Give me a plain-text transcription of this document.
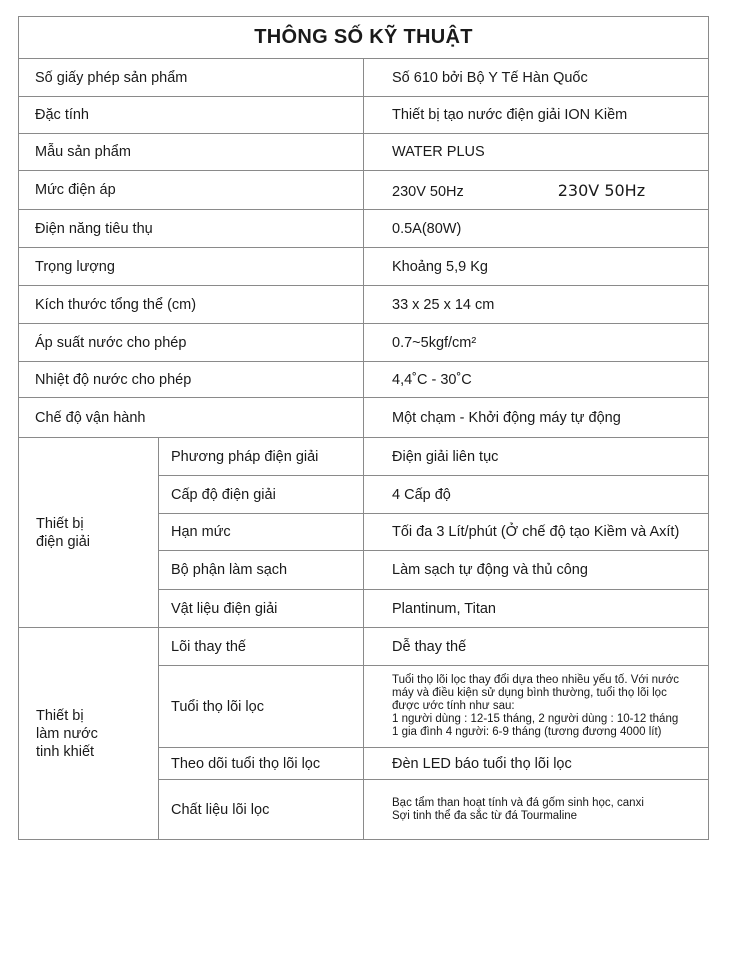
THÔNG SỐ KỸ THUẬT		
Số giấy phép sản phẩm		Số 610 bởi Bộ Y Tế Hàn Quốc
Đặc tính		Thiết bị tạo nước điện giải ION Kiềm
Mẫu sản phẩm		WATER PLUS
Mức điện áp		230V 50Hz 230V 50Hz
Điện năng tiêu thụ		0.5A(80W)
Trọng lượng		Khoảng 5,9 Kg
Kích thước tổng thể (cm)		33 x 25 x 14 cm
Áp suất nước cho phép		0.7~5kgf/cm²
Nhiệt độ nước cho phép		4,4˚C - 30˚C
Chế độ vận hành		Một chạm - Khởi động máy tự động

Thiết bị
điện giải	Phương pháp điện giải	Điện giải liên tục
	Cấp độ điện giải	4 Cấp độ
	Hạn mức	Tối đa 3 Lít/phút (Ở chế độ tạo Kiềm và Axít)
	Bộ phận làm sạch	Làm sạch tự động và thủ công
	Vật liệu điện giải	Plantinum, Titan

Thiết bị
làm nước
tinh khiết	Lõi thay thế	Dễ thay thế
	Tuổi thọ lõi lọc	Tuổi thọ lõi lọc thay đổi dựa theo nhiều yếu tố. Với nước
máy và điều kiện sử dụng bình thường, tuổi thọ lõi lọc
được ước tính như sau:
1 người dùng : 12-15 tháng, 2 người dùng : 10-12 tháng
1 gia đình 4 người: 6-9 tháng (tương đương 4000 lít)

	Theo dõi tuổi thọ lõi lọc	Đèn LED báo tuổi thọ lõi lọc
	Chất liệu lõi lọc	Bạc tẩm than hoạt tính và đá gốm sinh học, canxi
Sợi tinh thể đa sắc từ đá Tourmaline
